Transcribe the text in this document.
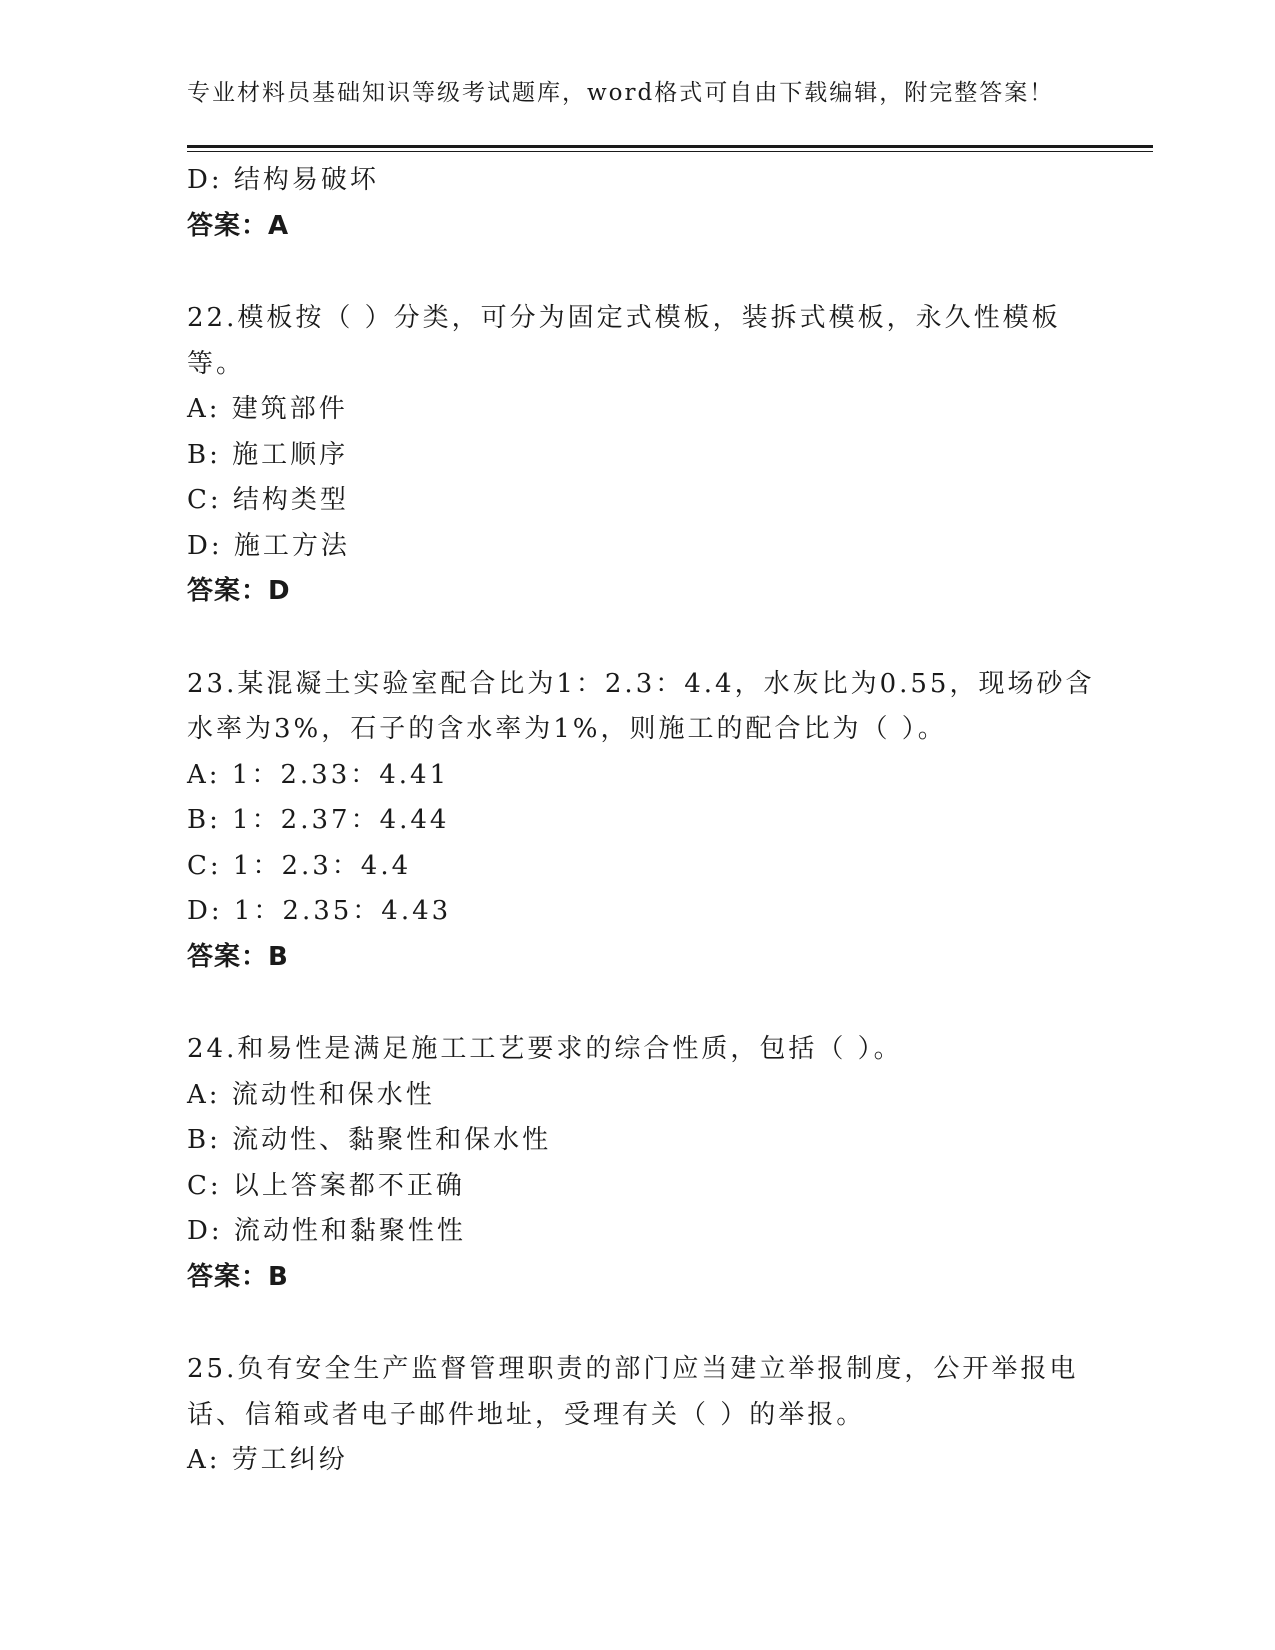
专业材料员基础知识等级考试题库，word格式可自由下载编辑，附完整答案！
D: 结构易破坏
答案：A
22.模板按（ ）分类，可分为固定式模板，装拆式模板，永久性模板
等。
A: 建筑部件
B: 施工顺序
C: 结构类型
D: 施工方法
答案：D
23.某混凝土实验室配合比为1：2.3：4.4，水灰比为0.55，现场砂含
水率为3%，石子的含水率为1%，则施工的配合比为（ ）。
A: 1：2.33：4.41
B: 1：2.37：4.44
C: 1：2.3：4.4
D: 1：2.35：4.43
答案：B
24.和易性是满足施工工艺要求的综合性质，包括（ ）。
A: 流动性和保水性
B: 流动性、黏聚性和保水性
C: 以上答案都不正确
D: 流动性和黏聚性性
答案：B
25.负有安全生产监督管理职责的部门应当建立举报制度，公开举报电
话、信箱或者电子邮件地址，受理有关（ ）的举报。
A: 劳工纠纷
